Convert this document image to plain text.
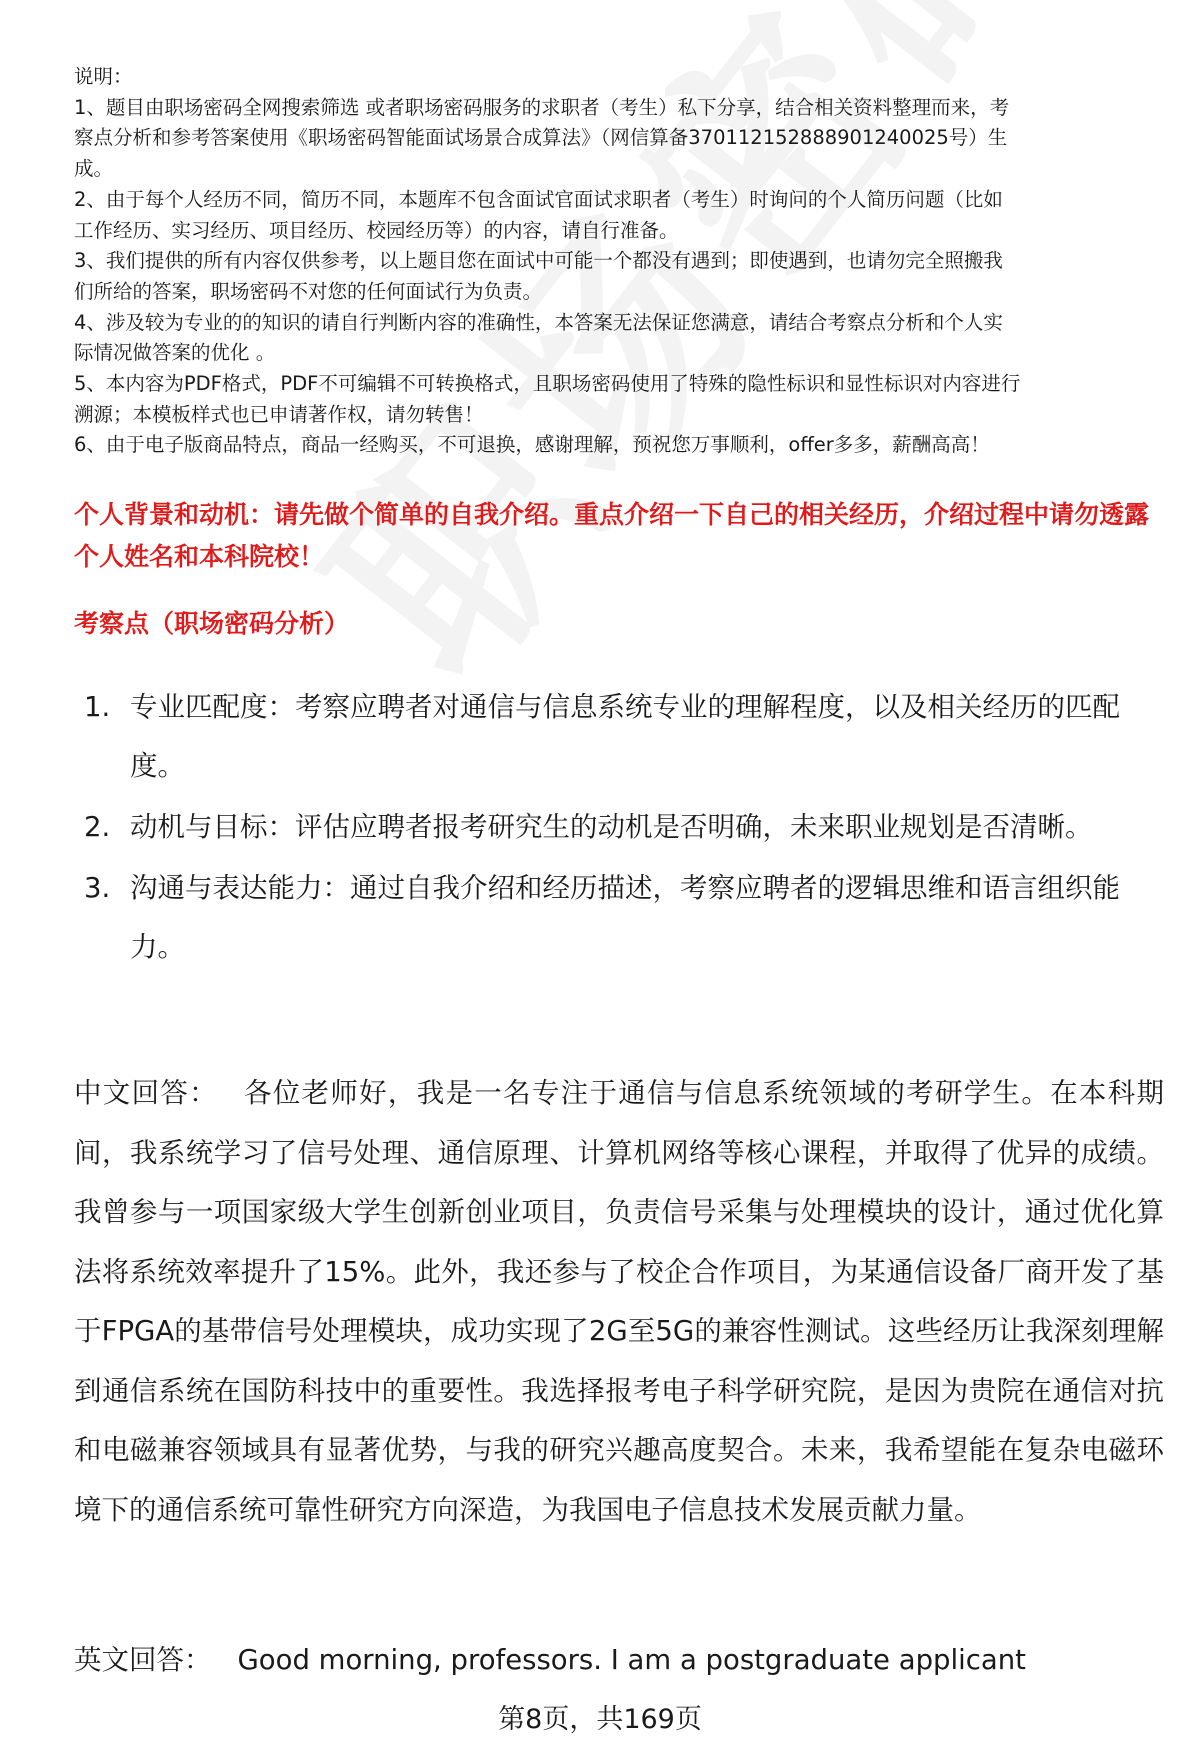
说明：

1、题目由职场密码全网搜索筛选 或者职场密码服务的求职者（考生）私下分享，结合相关资料整理而来，考

察点分析和参考答案使用《职场密码智能面试场景合成算法》（网信算备370112152888901240025号）生

成。

2、由于每个人经历不同，简历不同，本题库不包含面试官面试求职者（考生）时询问的个人简历问题（比如

工作经历、实习经历、项目经历、校园经历等）的内容，请自行准备。

3、我们提供的所有内容仅供参考，以上题目您在面试中可能一个都没有遇到；即使遇到，也请勿完全照搬我

们所给的答案，职场密码不对您的任何面试行为负责。

4、涉及较为专业的的知识的请自行判断内容的准确性，本答案无法保证您满意，请结合考察点分析和个人实

际情况做答案的优化 。

5、本内容为PDF格式，PDF不可编辑不可转换格式，且职场密码使用了特殊的隐性标识和显性标识对内容进行

溯源；本模板样式也已申请著作权，请勿转售！

6、由于电子版商品特点，商品一经购买，不可退换，感谢理解，预祝您万事顺利，offer多多，薪酬高高！

个人背景和动机：请先做个简单的自我介绍。重点介绍一下自己的相关经历，介绍过程中请勿透露个人姓名和本科院校！
考察点（职场密码分析）
1. 专业匹配度：考察应聘者对通信与信息系统专业的理解程度，以及相关经历的匹配度。
2. 动机与目标：评估应聘者报考研究生的动机是否明确，未来职业规划是否清晰。
3. 沟通与表达能力：通过自我介绍和经历描述，考察应聘者的逻辑思维和语言组织能力。
中文回答： 各位老师好，我是一名专注于通信与信息系统领域的考研学生。在本科期间，我系统学习了信号处理、通信原理、计算机网络等核心课程，并取得了优异的成绩。我曾参与一项国家级大学生创新创业项目，负责信号采集与处理模块的设计，通过优化算法将系统效率提升了15%。此外，我还参与了校企合作项目，为某通信设备厂商开发了基于FPGA的基带信号处理模块，成功实现了2G至5G的兼容性测试。这些经历让我深刻理解到通信系统在国防科技中的重要性。我选择报考电子科学研究院，是因为贵院在通信对抗和电磁兼容领域具有显著优势，与我的研究兴趣高度契合。未来，我希望能在复杂电磁环境下的通信系统可靠性研究方向深造，为我国电子信息技术发展贡献力量。
英文回答： Good morning, professors. I am a postgraduate applicant
第8页，共169页
